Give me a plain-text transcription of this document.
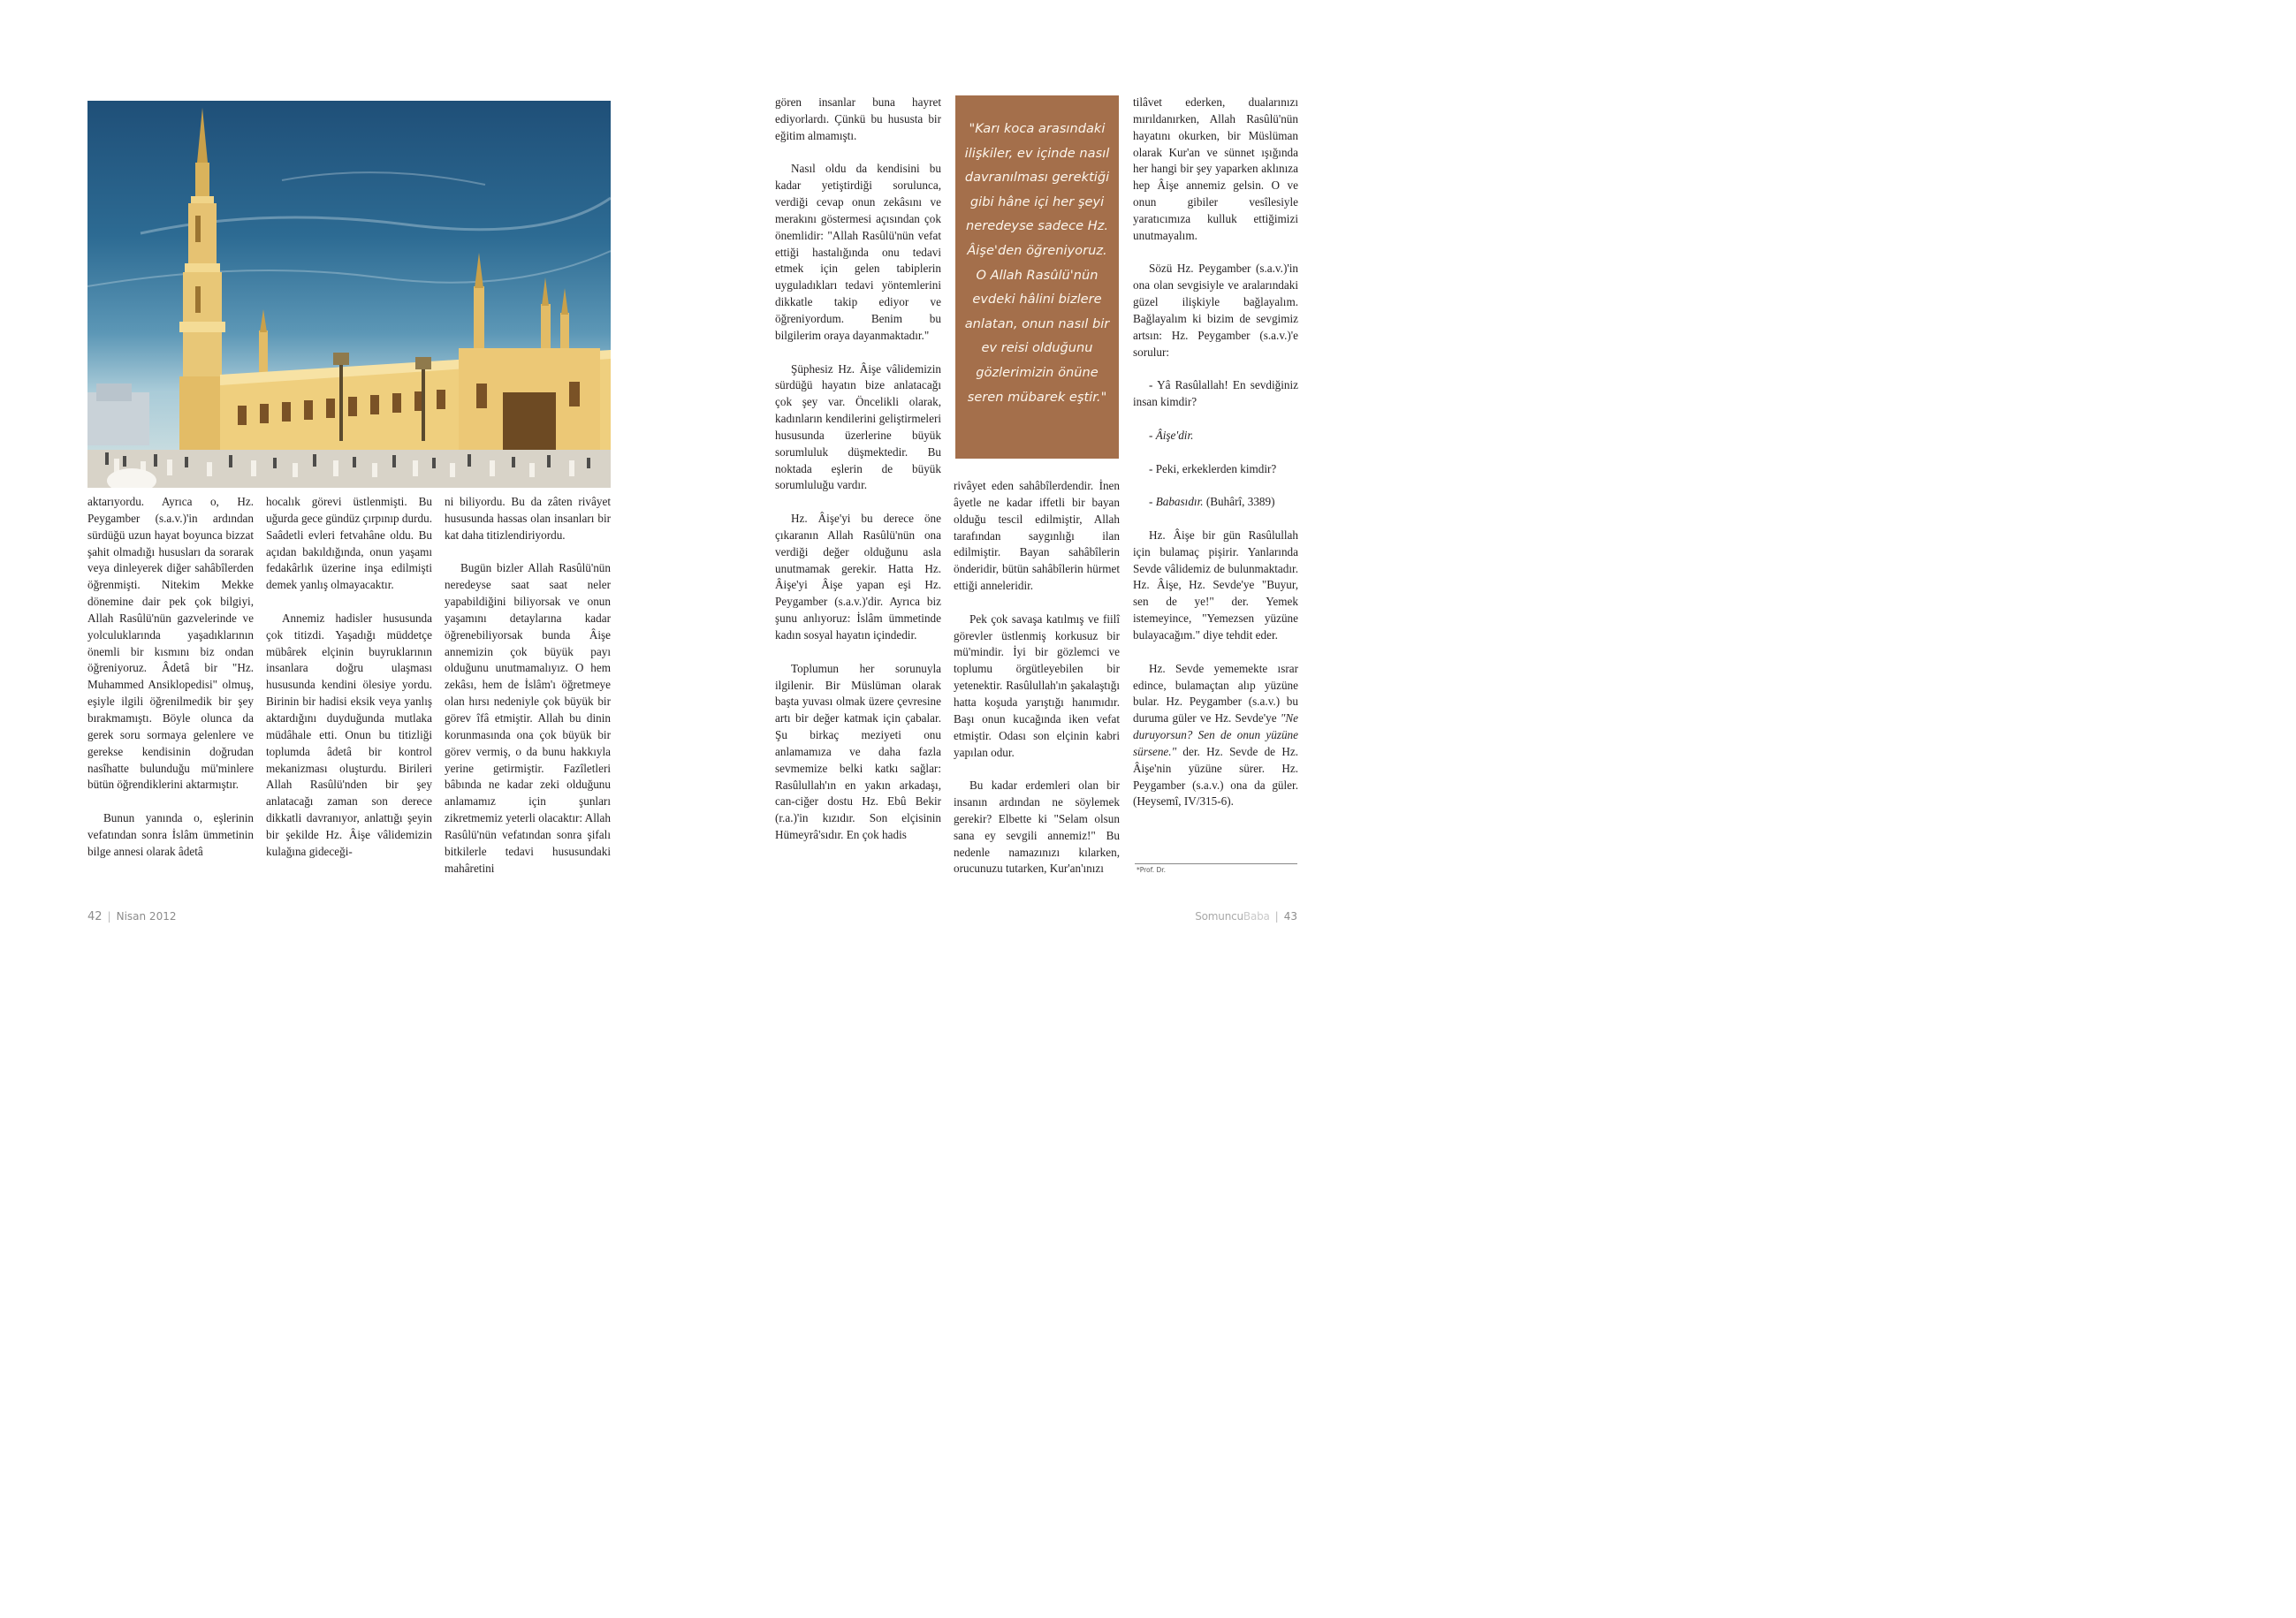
aktarıyordu. Ayrıca o, Hz. Peygamber (s.a.v.)'in ardından sürdüğü uzun hayat boyunca bizzat şahit olmadığı hususları da sorarak veya dinleyerek diğer sahâbîlerden öğrenmişti. Nitekim Mekke dönemine dair pek çok bilgiyi, Allah Rasûlü'nün gazvelerinde ve yolculuklarında yaşadıklarının önemli bir kısmını biz ondan öğreniyoruz. Âdetâ bir "Hz. Muhammed Ansiklopedisi" olmuş, eşiyle ilgili öğrenilmedik bir şey bırakmamıştı. Böyle olunca da gerek soru sormaya gelenlere ve gerekse kendisinin doğrudan nasîhatte bulunduğu mü'minlere bütün öğrendiklerini aktarmıştır.

Bunun yanında o, eşlerinin vefatından sonra İslâm ümmetinin bilge annesi olarak âdetâ

hocalık görevi üstlenmişti. Bu uğurda gece gündüz çırpınıp durdu. Saâdetli evleri fetvahâne oldu. Bu açıdan bakıldığında, onun yaşamı fedakârlık üzerine inşa edilmişti demek yanlış olmayacaktır.

Annemiz hadisler hususunda çok titizdi. Yaşadığı müddetçe mübârek elçinin buyruklarının insanlara doğru ulaşması hususunda kendini ölesiye yordu. Birinin bir hadisi eksik veya yanlış aktardığını duyduğunda mutlaka müdâhale etti. Onun bu titizliği toplumda âdetâ bir kontrol mekanizması oluşturdu. Birileri Allah Rasûlü'nden bir şey anlatacağı zaman son derece dikkatli davranıyor, anlattığı şeyin bir şekilde Hz. Âişe vâlidemizin kulağına gideceği-

ni biliyordu. Bu da zâten rivâyet hususunda hassas olan insanları bir kat daha titizlendiriyordu.

Bugün bizler Allah Rasûlü'nün neredeyse saat saat neler yapabildiğini biliyorsak ve onun yaşamını detaylarına kadar öğrenebiliyorsak bunda Âişe annemizin çok büyük payı olduğunu unutmamalıyız. O hem zekâsı, hem de İslâm'ı öğretmeye olan hırsı nedeniyle çok büyük bir görev îfâ etmiştir. Allah bu dinin korunmasında ona çok büyük bir görev vermiş, o da bunu hakkıyla yerine getirmiştir. Fazîletleri bâbında ne kadar zeki olduğunu anlamamız için şunları zikretmemiz yeterli olacaktır: Allah Rasûlü'nün vefatından sonra şifalı bitkilerle tedavi hususundaki mahâretini

42 | Nisan 2012

gören insanlar buna hayret ediyorlardı. Çünkü bu hususta bir eğitim almamıştı.

Nasıl oldu da kendisini bu kadar yetiştirdiği sorulunca, verdiği cevap onun zekâsını ve merakını göstermesi açısından çok önemlidir: "Allah Rasûlü'nün vefat ettiği hastalığında onu tedavi etmek için gelen tabiplerin uyguladıkları tedavi yöntemlerini dikkatle takip ediyor ve öğreniyordum. Benim bu bilgilerim oraya dayanmaktadır."

Şüphesiz Hz. Âişe vâlidemizin sürdüğü hayatın bize anlatacağı çok şey var. Öncelikli olarak, kadınların kendilerini geliştirmeleri hususunda üzerlerine büyük sorumluluk düşmektedir. Bu noktada eşlerin de büyük sorumluluğu vardır.

Hz. Âişe'yi bu derece öne çıkaranın Allah Rasûlü'nün ona verdiği değer olduğunu asla unutmamak gerekir. Hatta Hz. Âişe'yi Âişe yapan eşi Hz. Peygamber (s.a.v.)'dir. Ayrıca biz şunu anlıyoruz: İslâm ümmetinde kadın sosyal hayatın içindedir.

Toplumun her sorunuyla ilgilenir. Bir Müslüman olarak başta yuvası olmak üzere çevresine artı bir değer katmak için çabalar. Şu birkaç meziyeti onu anlamamıza ve daha fazla sevmemize belki katkı sağlar: Rasûlullah'ın en yakın arkadaşı, can-ciğer dostu Hz. Ebû Bekir (r.a.)'in kızıdır. Son elçisinin Hümeyrâ'sıdır. En çok hadis

"Karı koca arasındaki ilişkiler, ev içinde nasıl davranılması gerektiği gibi hâne içi her şeyi neredeyse sadece Hz. Âişe'den öğreniyoruz. O Allah Rasûlü'nün evdeki hâlini bizlere anlatan, onun nasıl bir ev reisi olduğunu gözlerimizin önüne seren mübarek eştir."

rivâyet eden sahâbîlerdendir. İnen âyetle ne kadar iffetli bir bayan olduğu tescil edilmiştir, Allah tarafından saygınlığı ilan edilmiştir. Bayan sahâbîlerin önderidir, bütün sahâbîlerin hürmet ettiği anneleridir.

Pek çok savaşa katılmış ve fiilî görevler üstlenmiş korkusuz bir mü'mindir. İyi bir gözlemci ve toplumu örgütleyebilen bir yetenektir. Rasûlullah'ın şakalaştığı hatta koşuda yarıştığı hanımıdır. Başı onun kucağında iken vefat etmiştir. Odası son elçinin kabri yapılan odur.

Bu kadar erdemleri olan bir insanın ardından ne söylemek gerekir? Elbette ki "Selam olsun sana ey sevgili annemiz!" Bu nedenle namazınızı kılarken, orucunuzu tutarken, Kur'an'ınızı

tilâvet ederken, dualarınızı mırıldanırken, Allah Rasûlü'nün hayatını okurken, bir Müslüman olarak Kur'an ve sünnet ışığında her hangi bir şey yaparken aklınıza hep Âişe annemiz gelsin. O ve onun gibiler vesîlesiyle yaratıcımıza kulluk ettiğimizi unutmayalım.

Sözü Hz. Peygamber (s.a.v.)'in ona olan sevgisiyle ve aralarındaki güzel ilişkiyle bağlayalım. Bağlayalım ki bizim de sevgimiz artsın: Hz. Peygamber (s.a.v.)'e sorulur:

- Yâ Rasûlallah! En sevdiğiniz insan kimdir?

- Âişe'dir.

- Peki, erkeklerden kimdir?

- Babasıdır. (Buhârî, 3389)

Hz. Âişe bir gün Rasûlullah için bulamaç pişirir. Yanlarında Sevde vâlidemiz de bulunmaktadır. Hz. Âişe, Hz. Sevde'ye "Buyur, sen de ye!" der. Yemek istemeyince, "Yemezsen yüzüne bulayacağım." diye tehdit eder.

Hz. Sevde yememekte ısrar edince, bulamaçtan alıp yüzüne bular. Hz. Peygamber (s.a.v.) bu duruma güler ve Hz. Sevde'ye "Ne duruyorsun? Sen de onun yüzüne sürsene." der. Hz. Sevde de Hz. Âişe'nin yüzüne sürer. Hz. Peygamber (s.a.v.) ona da güler. (Heysemî, IV/315-6).

*Prof. Dr.
SomuncuBaba | 43
